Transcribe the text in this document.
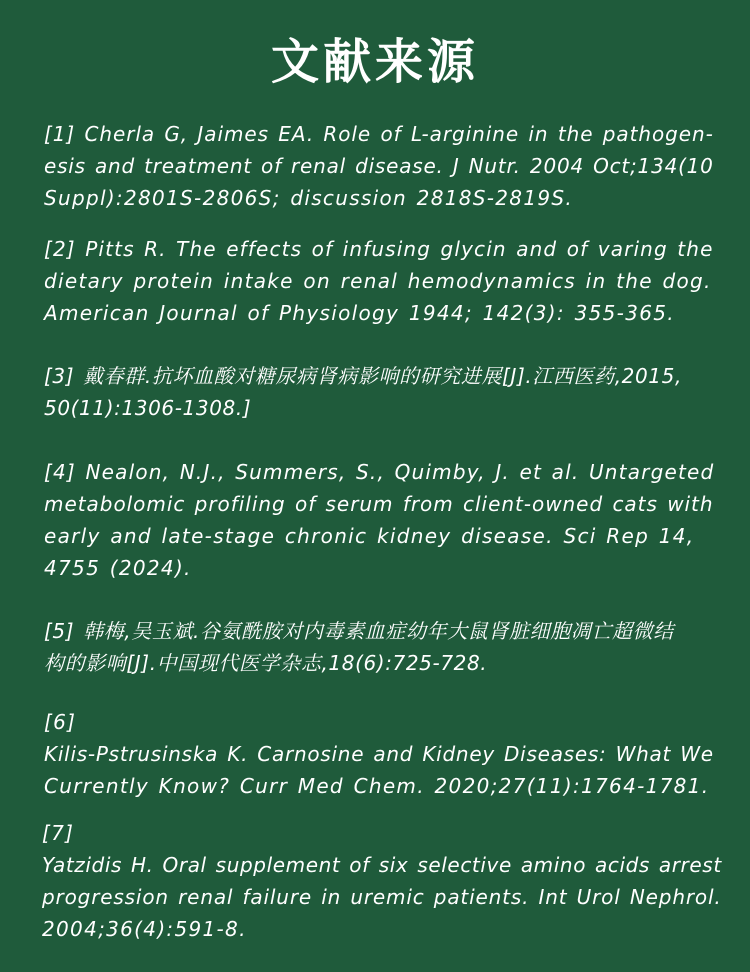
文献来源
[1] Cherla G, Jaimes EA. Role of L-arginine in the pathogen-
esis and treatment of renal disease. J Nutr. 2004 Oct;134(10
Suppl):2801S-2806S; discussion 2818S-2819S.
[2] Pitts R. The effects of infusing glycin and of varing the
dietary protein intake on renal hemodynamics in the dog.
American Journal of Physiology 1944; 142(3): 355-365.
[3] 戴春群.抗坏血酸对糖尿病肾病影响的研究进展[J].江西医药,2015,
50(11):1306-1308.]
[4] Nealon, N.J., Summers, S., Quimby, J. et al. Untargeted
metabolomic profiling of serum from client-owned cats with
early and late-stage chronic kidney disease. Sci Rep 14,
4755 (2024).
[5] 韩梅,吴玉斌.谷氨酰胺对内毒素血症幼年大鼠肾脏细胞凋亡超微结
构的影响[J].中国现代医学杂志,18(6):725-728.
[6]
Kilis-Pstrusinska K. Carnosine and Kidney Diseases: What We
Currently Know? Curr Med Chem. 2020;27(11):1764-1781.
[7]
Yatzidis H. Oral supplement of six selective amino acids arrest
progression renal failure in uremic patients. Int Urol Nephrol.
2004;36(4):591-8.
